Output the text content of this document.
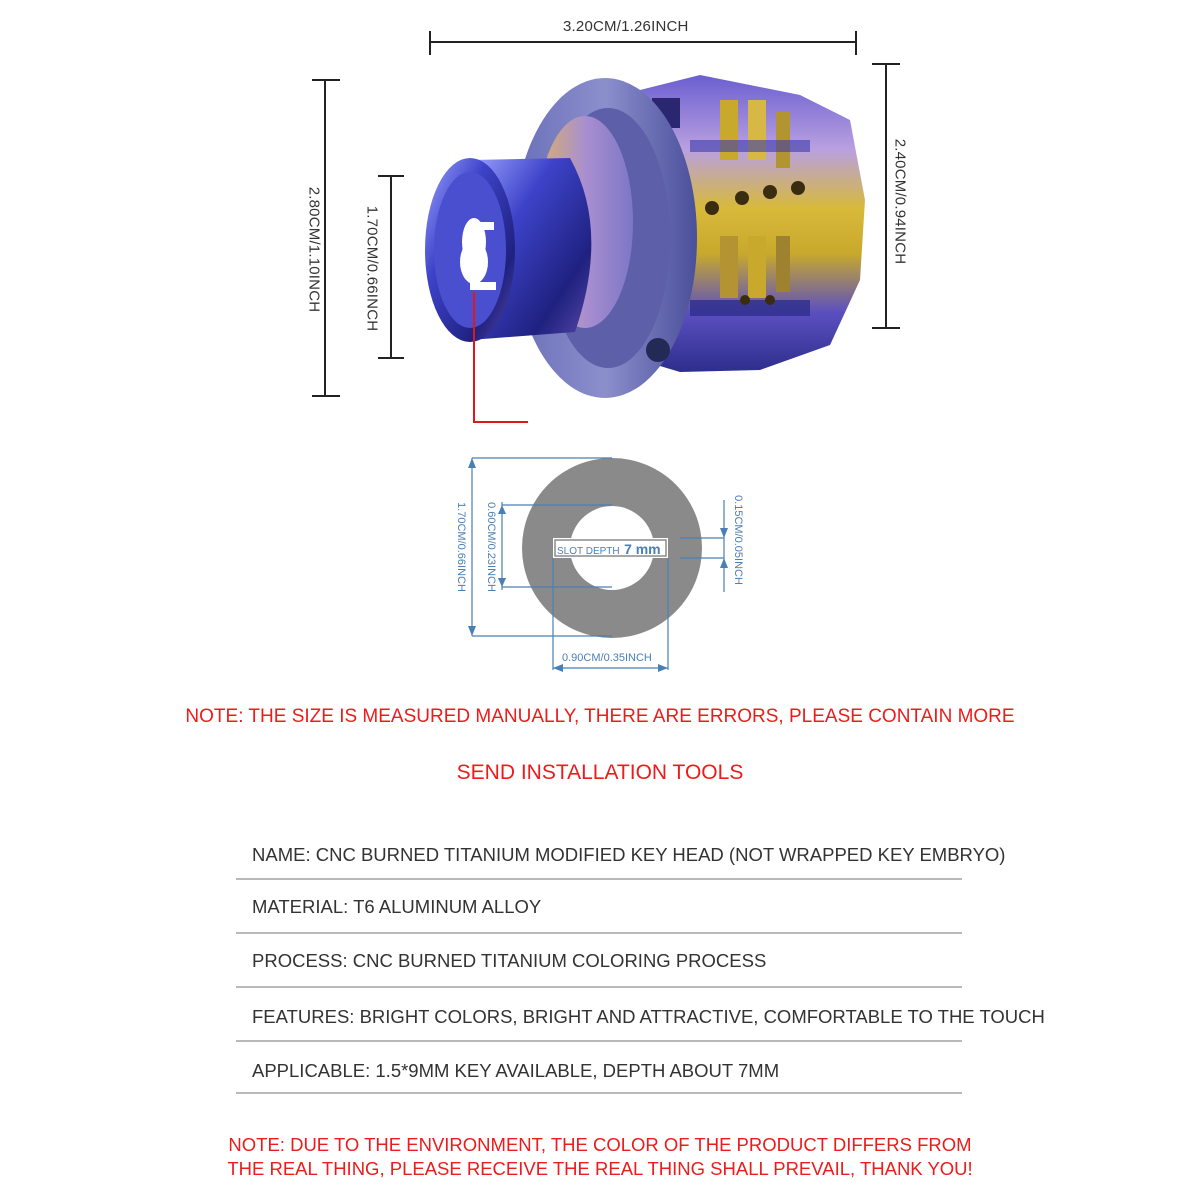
3.20CM/1.26INCH
2.80CM/1.10INCH	1.70CM/0.66INCH
2.40CM/0.94INCH
1.70CM/0.66INCH 0.60CM/0.23INCH	0.15CM/0.05INCH
0.90CM/0.35INCH
SLOT DEPTH 7 mm
NOTE: THE SIZE IS MEASURED MANUALLY, THERE ARE ERRORS, PLEASE CONTAIN MORE
SEND INSTALLATION TOOLS
NAME: CNC BURNED TITANIUM MODIFIED KEY HEAD (NOT WRAPPED KEY EMBRYO)
MATERIAL: T6 ALUMINUM ALLOY
PROCESS: CNC BURNED TITANIUM COLORING PROCESS
FEATURES: BRIGHT COLORS, BRIGHT AND ATTRACTIVE, COMFORTABLE TO THE TOUCH
APPLICABLE: 1.5*9MM KEY AVAILABLE, DEPTH ABOUT 7MM
NOTE: DUE TO THE ENVIRONMENT, THE COLOR OF THE PRODUCT DIFFERS FROM
THE REAL THING, PLEASE RECEIVE THE REAL THING SHALL PREVAIL, THANK YOU!
